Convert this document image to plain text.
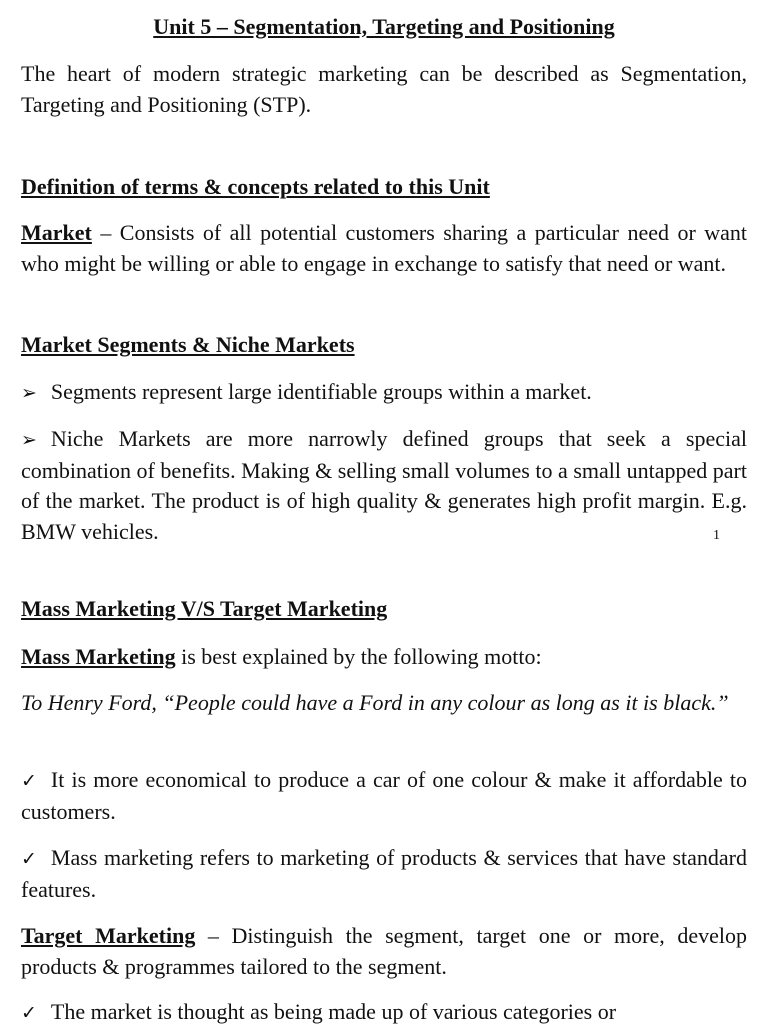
Unit 5 – Segmentation, Targeting and Positioning

The heart of modern strategic marketing can be described as Segmentation, Targeting and Positioning (STP).

Definition of terms & concepts related to this Unit

Market – Consists of all potential customers sharing a particular need or want who might be willing or able to engage in exchange to satisfy that need or want.

Market Segments & Niche Markets

➢ Segments represent large identifiable groups within a market.

➢ Niche Markets are more narrowly defined groups that seek a special combination of benefits. Making & selling small volumes to a small untapped part of the market. The product is of high quality & generates high profit margin. E.g. BMW vehicles.

Mass Marketing V/S Target Marketing

Mass Marketing is best explained by the following motto:

To Henry Ford, “People could have a Ford in any colour as long as it is black.”

✓ It is more economical to produce a car of one colour & make it affordable to customers.

✓ Mass marketing refers to marketing of products & services that have standard features.

Target Marketing – Distinguish the segment, target one or more, develop products & programmes tailored to the segment.

✓ The market is thought as being made up of various categories or

1
